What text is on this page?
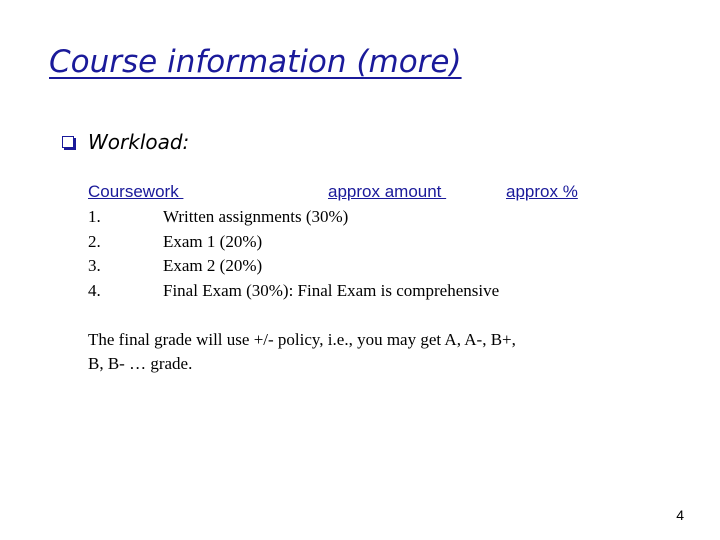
Course information (more)
Workload:
Coursework	approx amount	approx %
1.	Written assignments (30%)
2.	Exam 1 (20%)
3.	Exam 2 (20%)
4.	Final Exam (30%): Final Exam is comprehensive
The final grade will use +/- policy, i.e., you may get A, A-, B+,
B, B- … grade.
4
